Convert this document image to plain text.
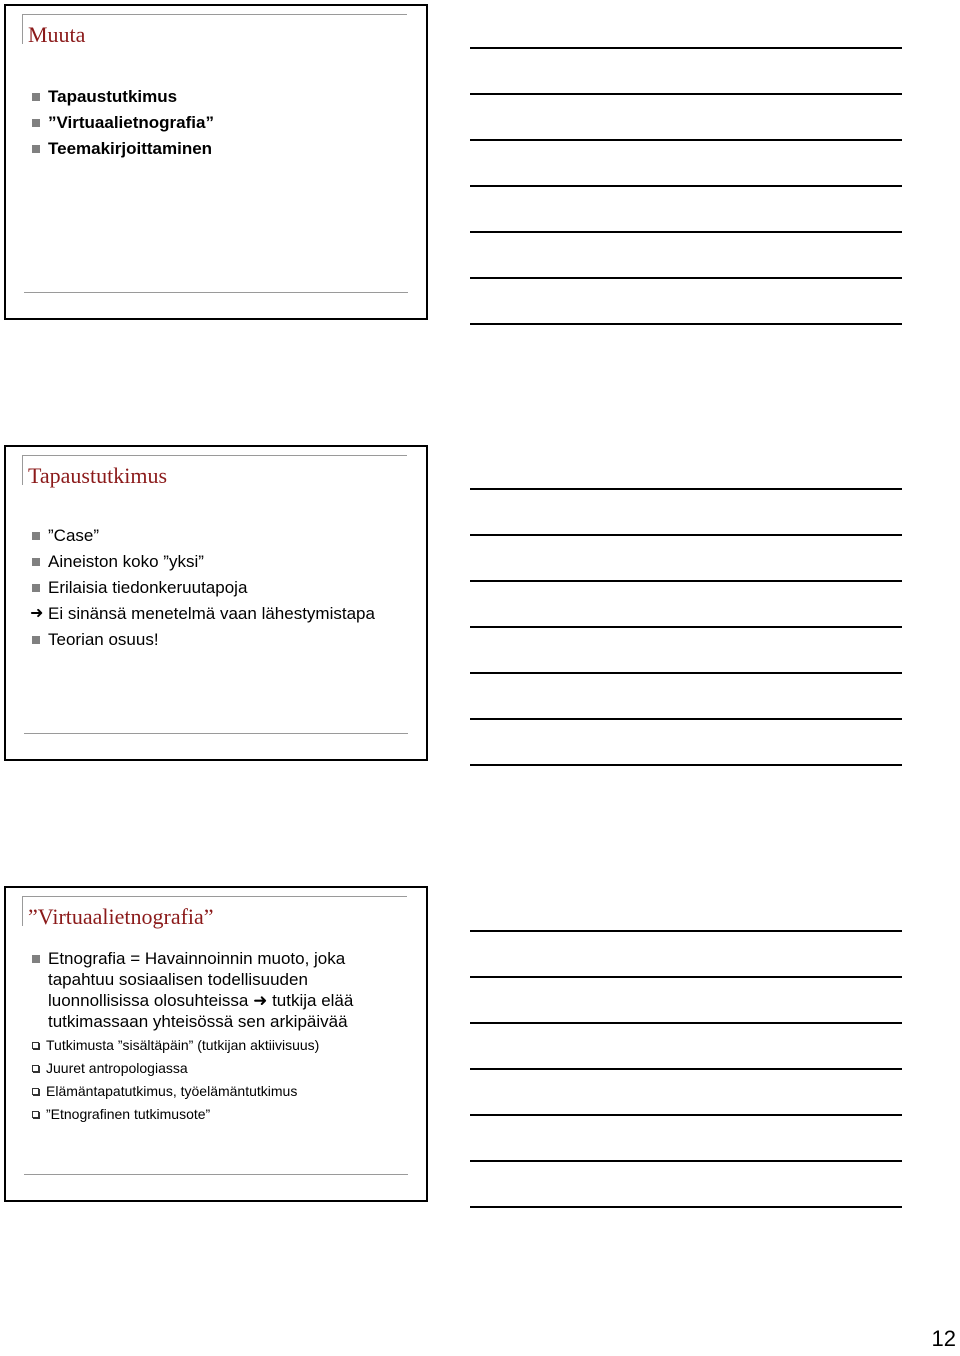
Muuta
Tapaustutkimus
”Virtuaalietnografia”
Teemakirjoittaminen
Tapaustutkimus
”Case”
Aineiston koko ”yksi”
Erilaisia tiedonkeruutapoja
➜ Ei sinänsä menetelmä vaan lähestymistapa
Teorian osuus!
”Virtuaalietnografia”
Etnografia = Havainnoinnin muoto, joka
tapahtuu sosiaalisen todellisuuden
luonnollisissa olosuhteissa ➜ tutkija elää
tutkimassaan yhteisössä sen arkipäivää
Tutkimusta ”sisältäpäin” (tutkijan aktiivisuus)
Juuret antropologiassa
Elämäntapatutkimus, työelämäntutkimus
”Etnografinen tutkimusote”
12
